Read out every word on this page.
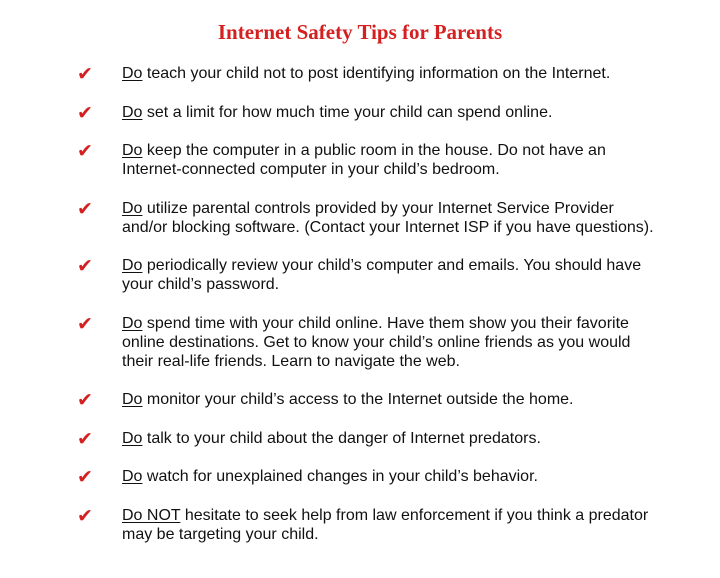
Internet Safety Tips for Parents
✔ Do teach your child not to post identifying information on the Internet.
✔ Do set a limit for how much time your child can spend online.
✔ Do keep the computer in a public room in the house. Do not have an Internet-connected computer in your child’s bedroom.
✔ Do utilize parental controls provided by your Internet Service Provider and/or blocking software. (Contact your Internet ISP if you have questions).
✔ Do periodically review your child’s computer and emails. You should have your child’s password.
✔ Do spend time with your child online. Have them show you their favorite online destinations. Get to know your child’s online friends as you would their real-life friends. Learn to navigate the web.
✔ Do monitor your child’s access to the Internet outside the home.
✔ Do talk to your child about the danger of Internet predators.
✔ Do watch for unexplained changes in your child’s behavior.
✔ Do NOT hesitate to seek help from law enforcement if you think a predator may be targeting your child.
